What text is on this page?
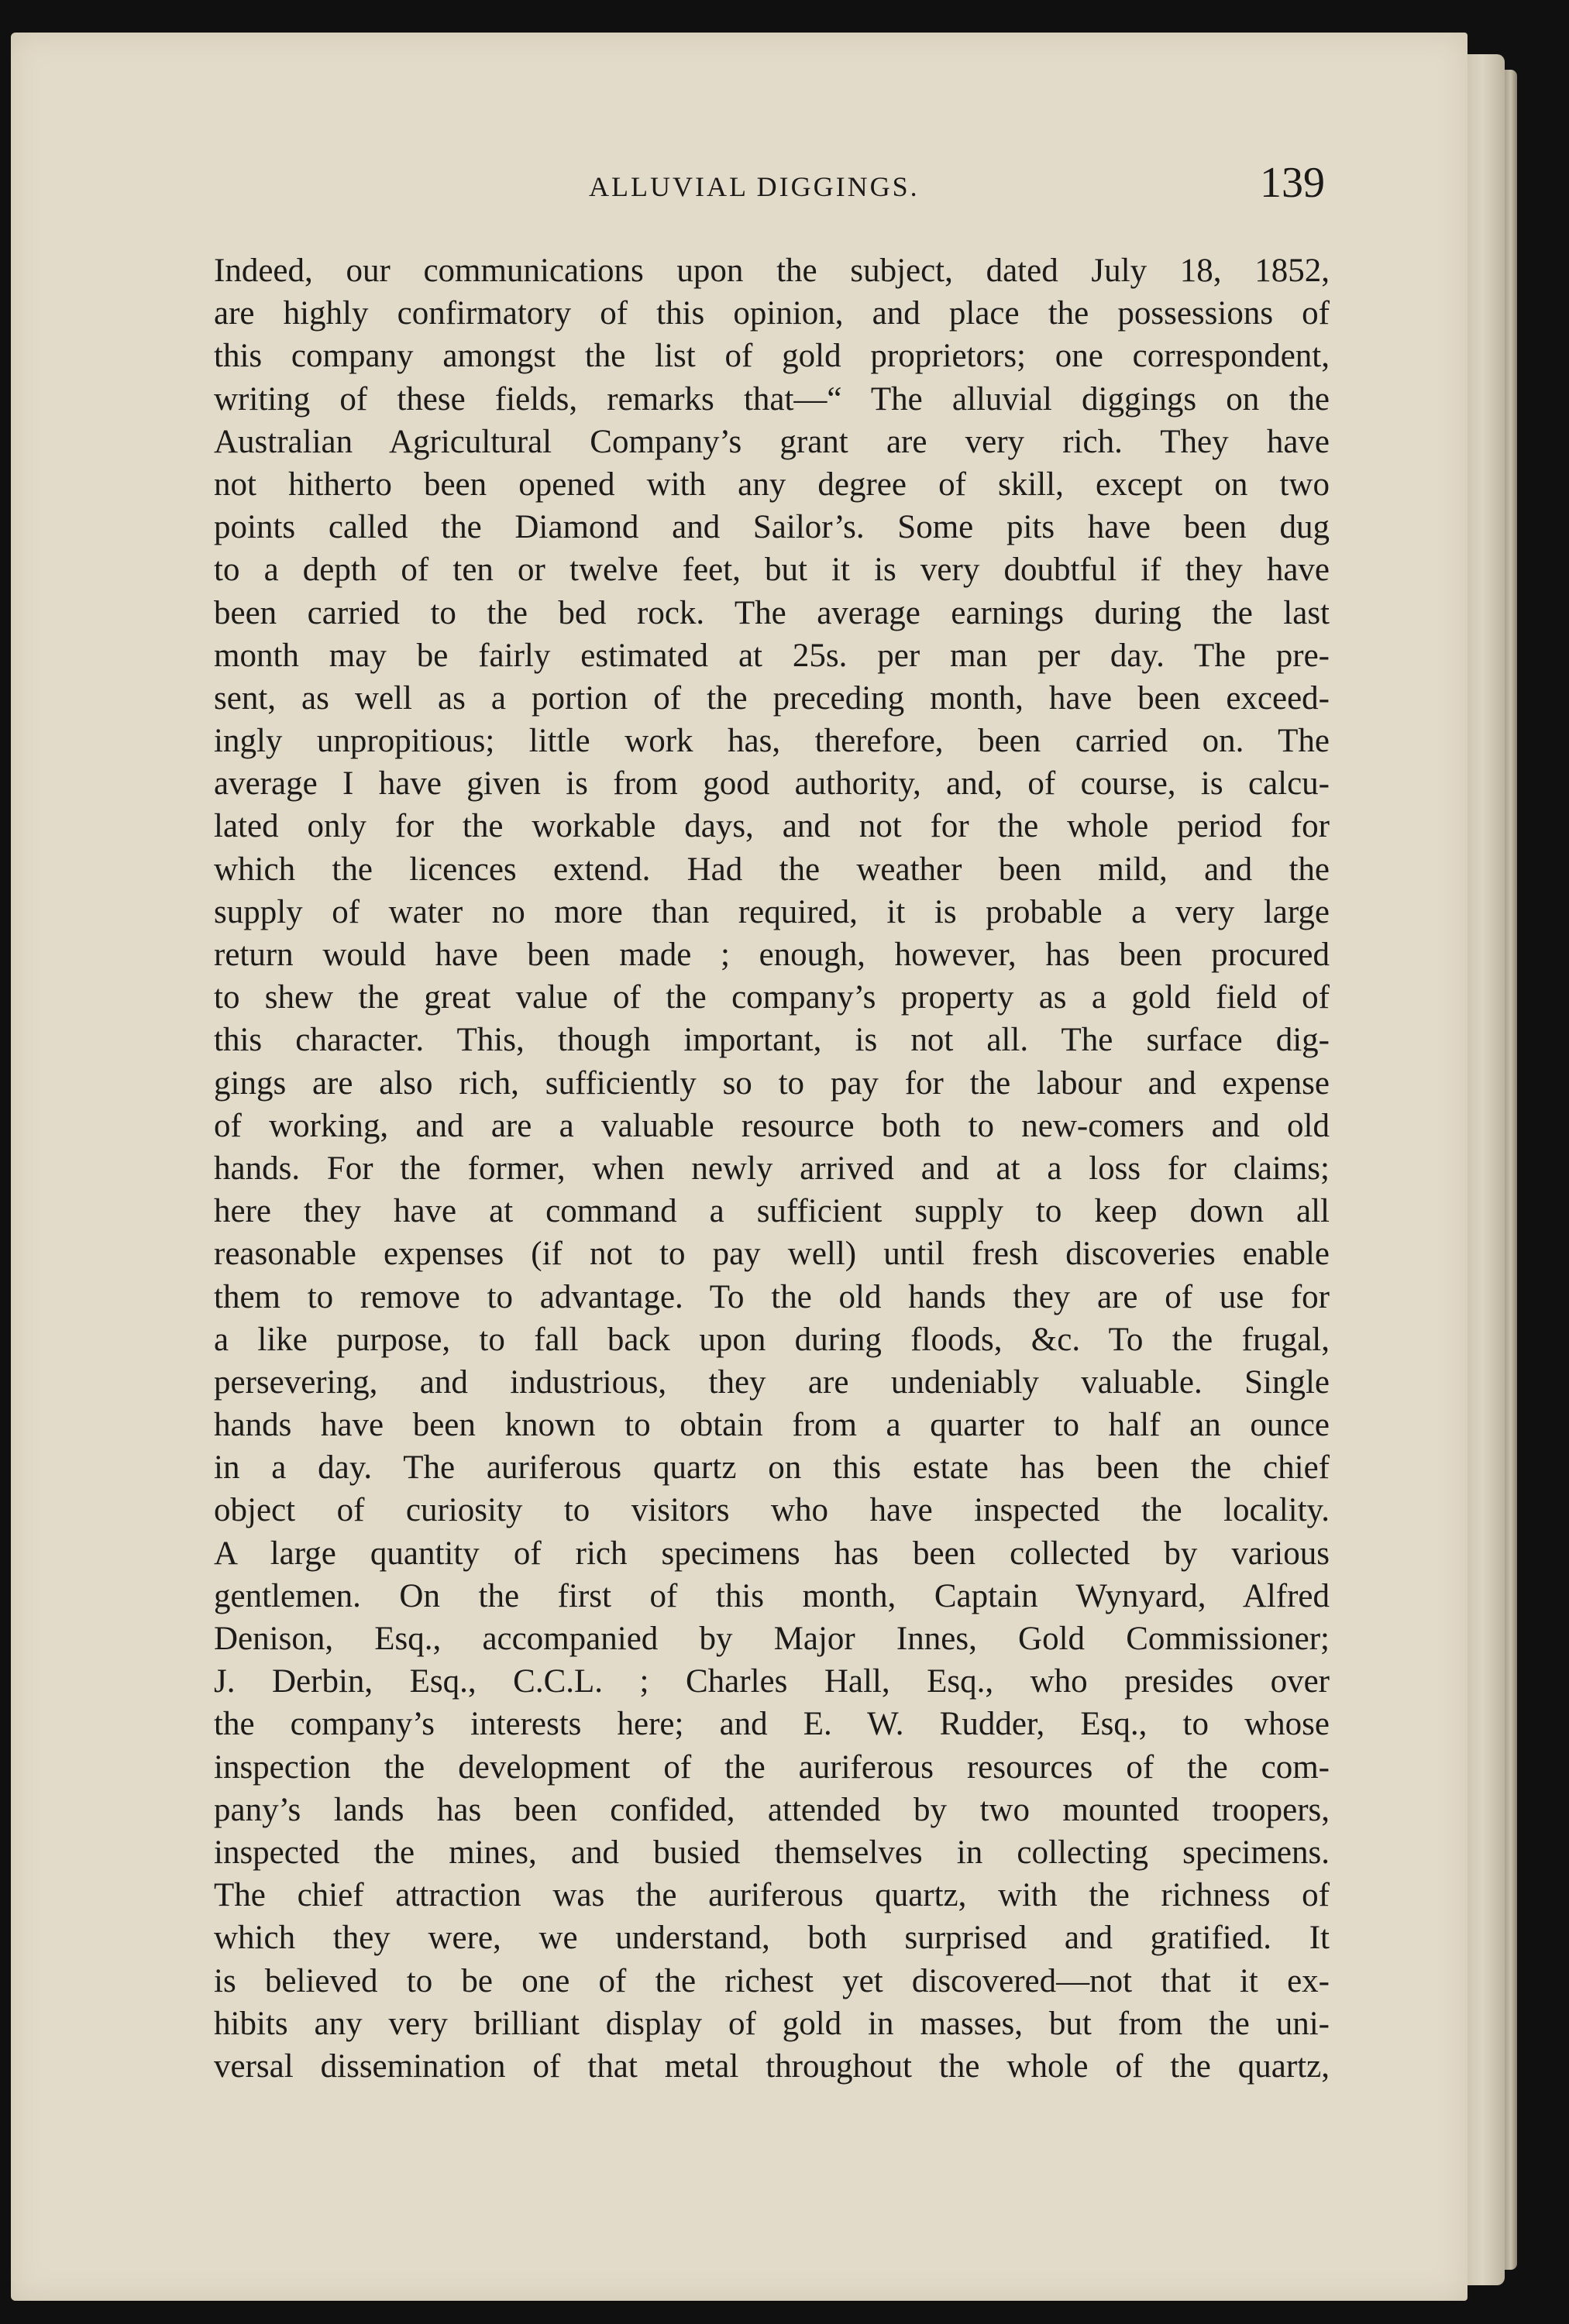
ALLUVIAL DIGGINGS.	139
Indeed, our communications upon the subject, dated July 18, 1852,
are highly confirmatory of this opinion, and place the possessions of
this company amongst the list of gold proprietors; one correspondent,
writing of these fields, remarks that—“ The alluvial diggings on the
Australian Agricultural Company’s grant are very rich. They have
not hitherto been opened with any degree of skill, except on two
points called the Diamond and Sailor’s. Some pits have been dug
to a depth of ten or twelve feet, but it is very doubtful if they have
been carried to the bed rock. The average earnings during the last
month may be fairly estimated at 25s. per man per day. The pre-
sent, as well as a portion of the preceding month, have been exceed-
ingly unpropitious; little work has, therefore, been carried on. The
average I have given is from good authority, and, of course, is calcu-
lated only for the workable days, and not for the whole period for
which the licences extend. Had the weather been mild, and the
supply of water no more than required, it is probable a very large
return would have been made ; enough, however, has been procured
to shew the great value of the company’s property as a gold field of
this character. This, though important, is not all. The surface dig-
gings are also rich, sufficiently so to pay for the labour and expense
of working, and are a valuable resource both to new-comers and old
hands. For the former, when newly arrived and at a loss for claims;
here they have at command a sufficient supply to keep down all
reasonable expenses (if not to pay well) until fresh discoveries enable
them to remove to advantage. To the old hands they are of use for
a like purpose, to fall back upon during floods, &c. To the frugal,
persevering, and industrious, they are undeniably valuable. Single
hands have been known to obtain from a quarter to half an ounce
in a day. The auriferous quartz on this estate has been the chief
object of curiosity to visitors who have inspected the locality.
A large quantity of rich specimens has been collected by various
gentlemen. On the first of this month, Captain Wynyard, Alfred
Denison, Esq., accompanied by Major Innes, Gold Commissioner;
J. Derbin, Esq., C.C.L. ; Charles Hall, Esq., who presides over
the company’s interests here; and E. W. Rudder, Esq., to whose
inspection the development of the auriferous resources of the com-
pany’s lands has been confided, attended by two mounted troopers,
inspected the mines, and busied themselves in collecting specimens.
The chief attraction was the auriferous quartz, with the richness of
which they were, we understand, both surprised and gratified. It
is believed to be one of the richest yet discovered—not that it ex-
hibits any very brilliant display of gold in masses, but from the uni-
versal dissemination of that metal throughout the whole of the quartz,
